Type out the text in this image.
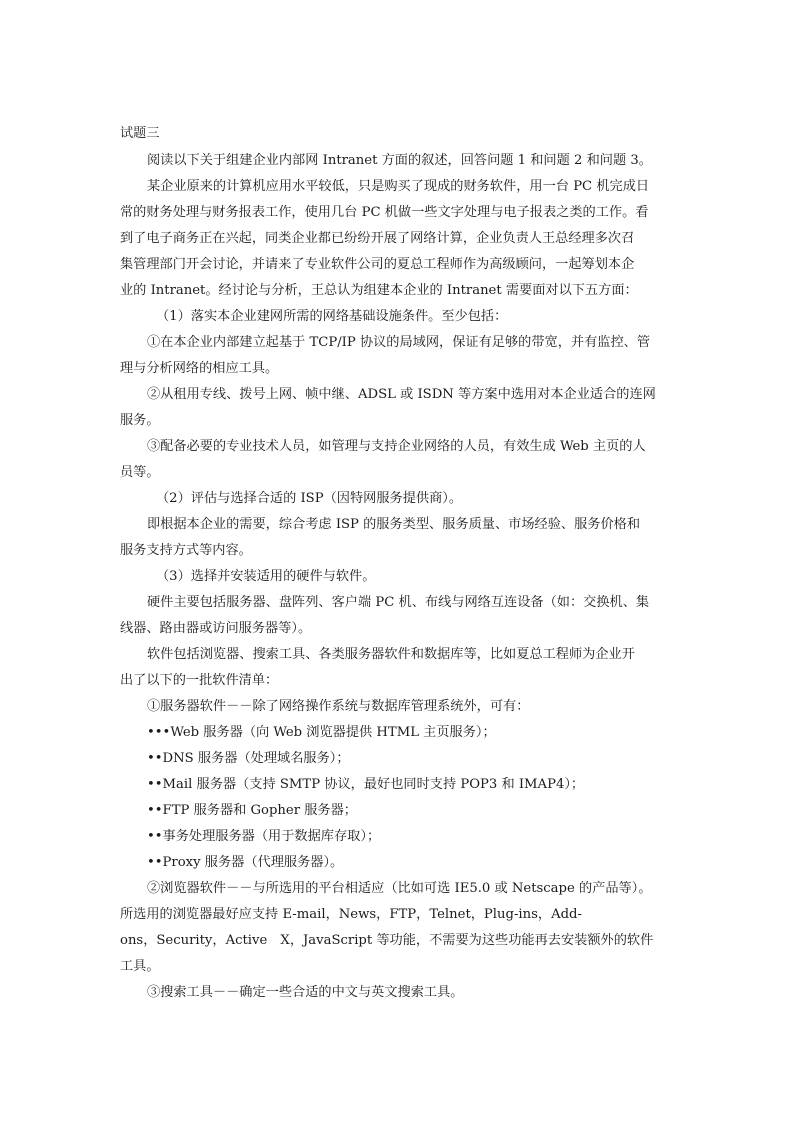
试题三
阅读以下关于组建企业内部网 Intranet 方面的叙述，回答问题 1 和问题 2 和问题 3。
某企业原来的计算机应用水平较低，只是购买了现成的财务软件，用一台 PC 机完成日
常的财务处理与财务报表工作，使用几台 PC 机做一些文字处理与电子报表之类的工作。看
到了电子商务正在兴起，同类企业都已纷纷开展了网络计算，企业负责人王总经理多次召
集管理部门开会讨论，并请来了专业软件公司的夏总工程师作为高级顾问，一起筹划本企
业的 Intranet。经讨论与分析，王总认为组建本企业的 Intranet 需要面对以下五方面：
（1）落实本企业建网所需的网络基础设施条件。至少包括：
①在本企业内部建立起基于 TCP/IP 协议的局域网，保证有足够的带宽，并有监控、管
理与分析网络的相应工具。
②从租用专线、拨号上网、帧中继、ADSL 或 ISDN 等方案中选用对本企业适合的连网
服务。
③配备必要的专业技术人员，如管理与支持企业网络的人员，有效生成 Web 主页的人
员等。
（2）评估与选择合适的 ISP（因特网服务提供商）。
即根据本企业的需要，综合考虑 ISP 的服务类型、服务质量、市场经验、服务价格和
服务支持方式等内容。
（3）选择并安装适用的硬件与软件。
硬件主要包括服务器、盘阵列、客户端 PC 机、布线与网络互连设备（如：交换机、集
线器、路由器或访问服务器等）。
软件包括浏览器、搜索工具、各类服务器软件和数据库等，比如夏总工程师为企业开
出了以下的一批软件清单：
①服务器软件－－除了网络操作系统与数据库管理系统外，可有：
•••Web 服务器（向 Web 浏览器提供 HTML 主页服务）；
••DNS 服务器（处理域名服务）；
••Mail 服务器（支持 SMTP 协议，最好也同时支持 POP3 和 IMAP4）；
••FTP 服务器和 Gopher 服务器；
••事务处理服务器（用于数据库存取）；
••Proxy 服务器（代理服务器）。
②浏览器软件－－与所选用的平台相适应（比如可选 IE5.0 或 Netscape 的产品等）。
所选用的浏览器最好应支持 E-mail，News，FTP，Telnet，Plug-ins，Add-
ons，Security，Active　X，JavaScript 等功能，不需要为这些功能再去安装额外的软件
工具。
③搜索工具－－确定一些合适的中文与英文搜索工具。
